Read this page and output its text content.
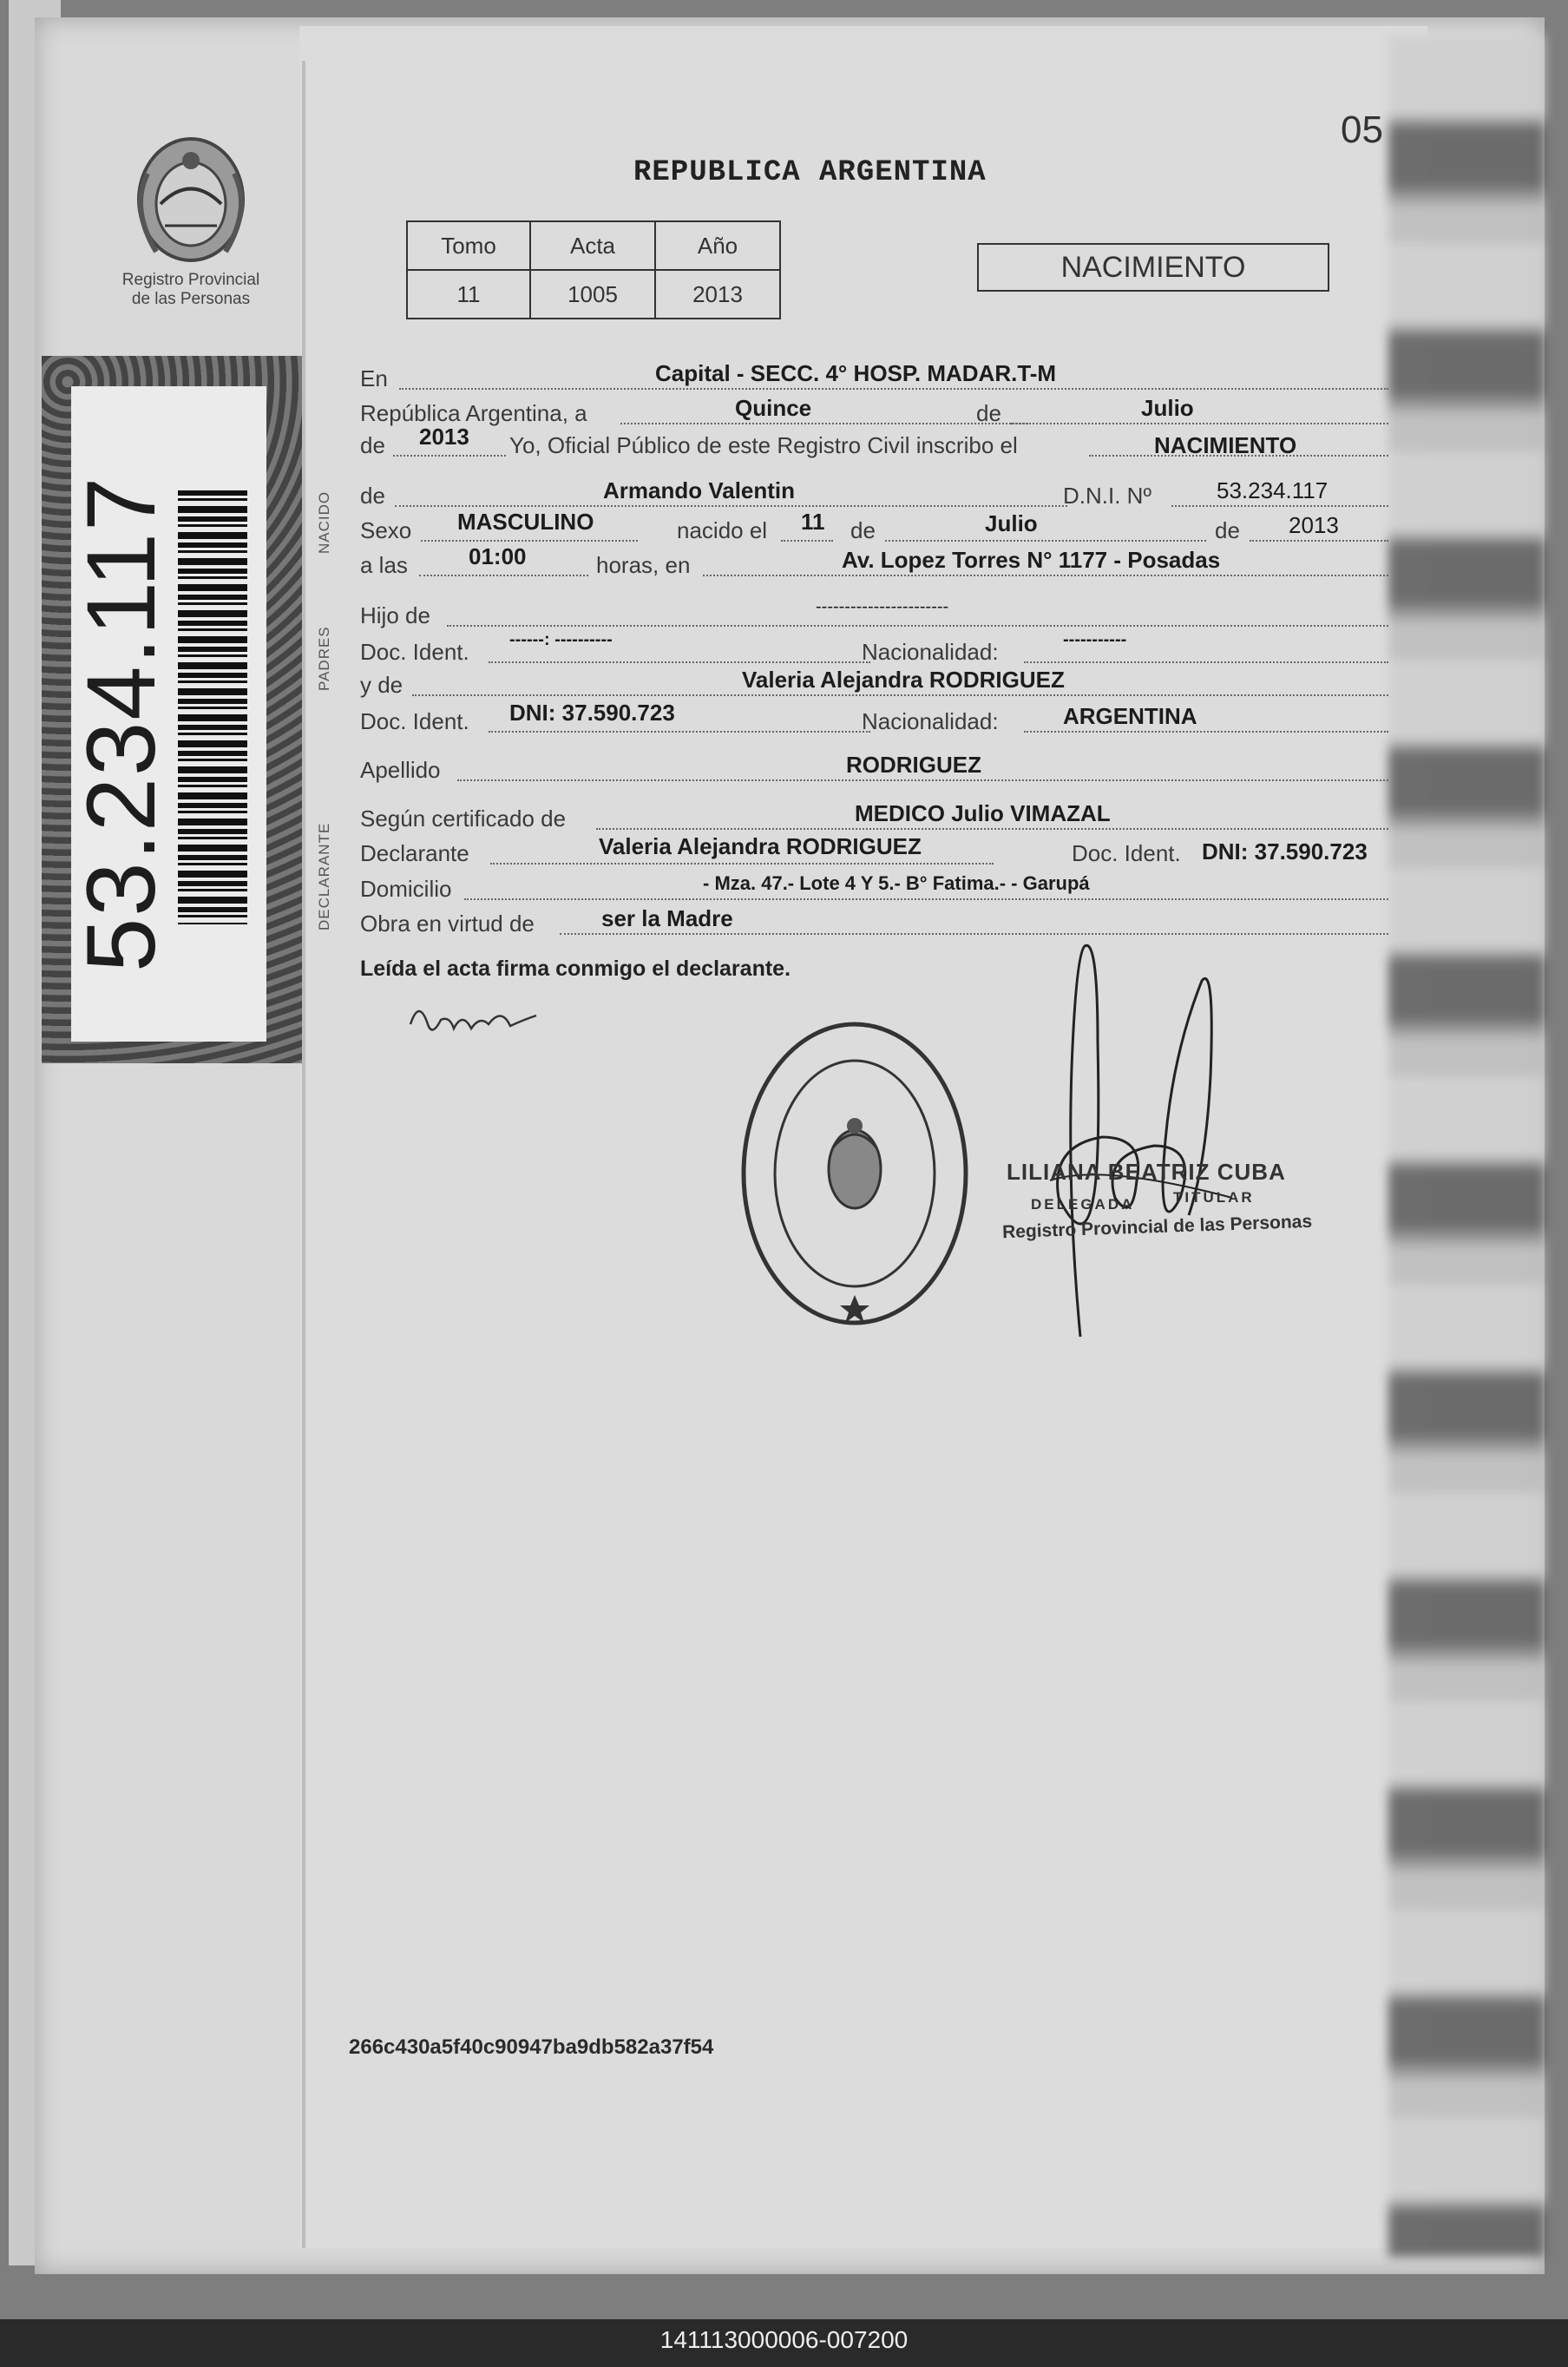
Registro Provincial
de las Personas
05
REPUBLICA ARGENTINA
Tomo	Acta	Año
11	1005	2013
NACIMIENTO
53.234.117	NACIDO
PADRES
DECLARANTE
En	Capital - SECC. 4° HOSP. MADAR.T-M
República Argentina, a	Quince	de	Julio
de 2013 Yo, Oficial Público de este Registro Civil inscribo el	NACIMIENTO
de	Armando Valentin	D.N.I. Nº	53.234.117
Sexo MASCULINO	nacido el 11 de	Julio	de 2013
a las	01:00	horas, en	Av. Lopez Torres N° 1177 - Posadas
Hijo de	-----------------------
Doc. Ident. ------: ----------	Nacionalidad:	-----------
y de	Valeria Alejandra RODRIGUEZ
Doc. Ident. DNI: 37.590.723	Nacionalidad:	ARGENTINA
Apellido	RODRIGUEZ
Según certificado de	MEDICO Julio VIMAZAL
Declarante	Valeria Alejandra RODRIGUEZ	Doc. Ident. DNI: 37.590.723
Domicilio	- Mza. 47.- Lote 4 Y 5.- B° Fatima.- - Garupá
Obra en virtud de	ser la Madre
Leída el acta firma conmigo el declarante.
LILIANA BEATRIZ CUBA
DELEGADA	TITULAR
Registro Provincial de las Personas
266c430a5f40c90947ba9db582a37f54
141113000006-007200
